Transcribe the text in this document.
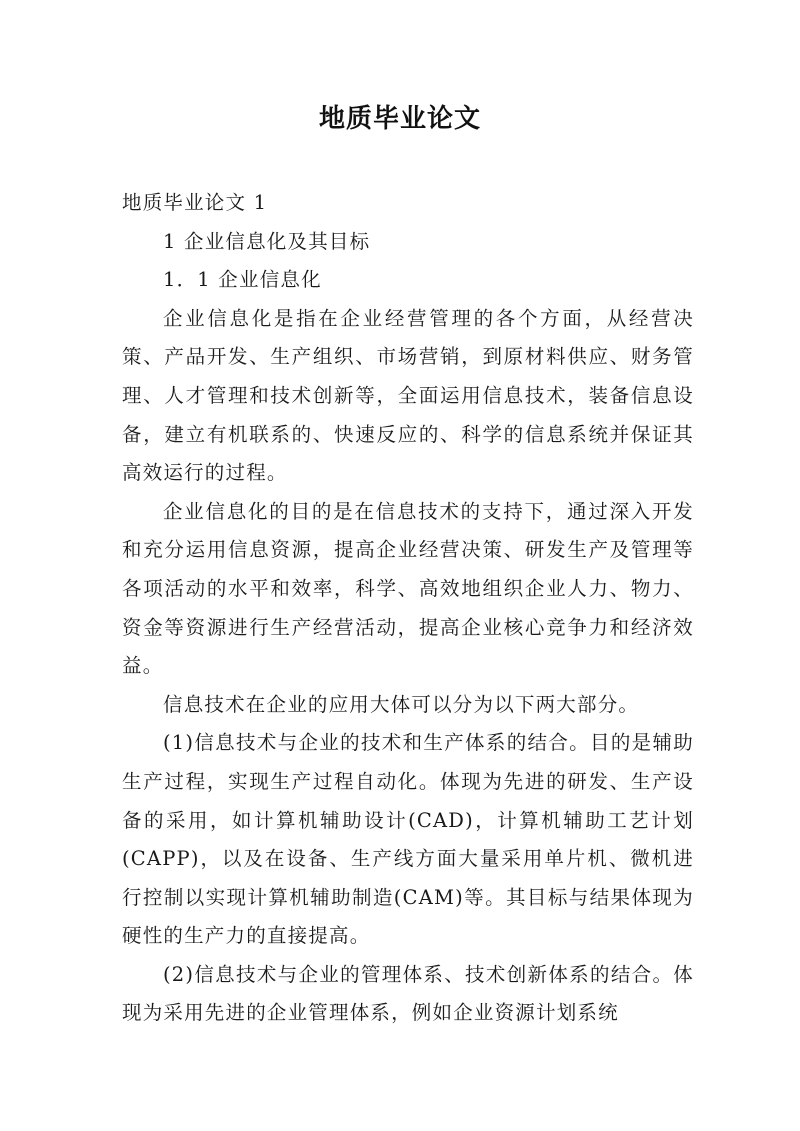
地质毕业论文

地质毕业论文 1

1 企业信息化及其目标

1．1 企业信息化

企业信息化是指在企业经营管理的各个方面，从经营决策、产品开发、生产组织、市场营销，到原材料供应、财务管理、人才管理和技术创新等，全面运用信息技术，装备信息设备，建立有机联系的、快速反应的、科学的信息系统并保证其高效运行的过程。

企业信息化的目的是在信息技术的支持下，通过深入开发和充分运用信息资源，提高企业经营决策、研发生产及管理等各项活动的水平和效率，科学、高效地组织企业人力、物力、资金等资源进行生产经营活动，提高企业核心竞争力和经济效益。

信息技术在企业的应用大体可以分为以下两大部分。

(1)信息技术与企业的技术和生产体系的结合。目的是辅助生产过程，实现生产过程自动化。体现为先进的研发、生产设备的采用，如计算机辅助设计(CAD)，计算机辅助工艺计划(CAPP)，以及在设备、生产线方面大量采用单片机、微机进行控制以实现计算机辅助制造(CAM)等。其目标与结果体现为硬性的生产力的直接提高。

(2)信息技术与企业的管理体系、技术创新体系的结合。体现为采用先进的企业管理体系，例如企业资源计划系统
